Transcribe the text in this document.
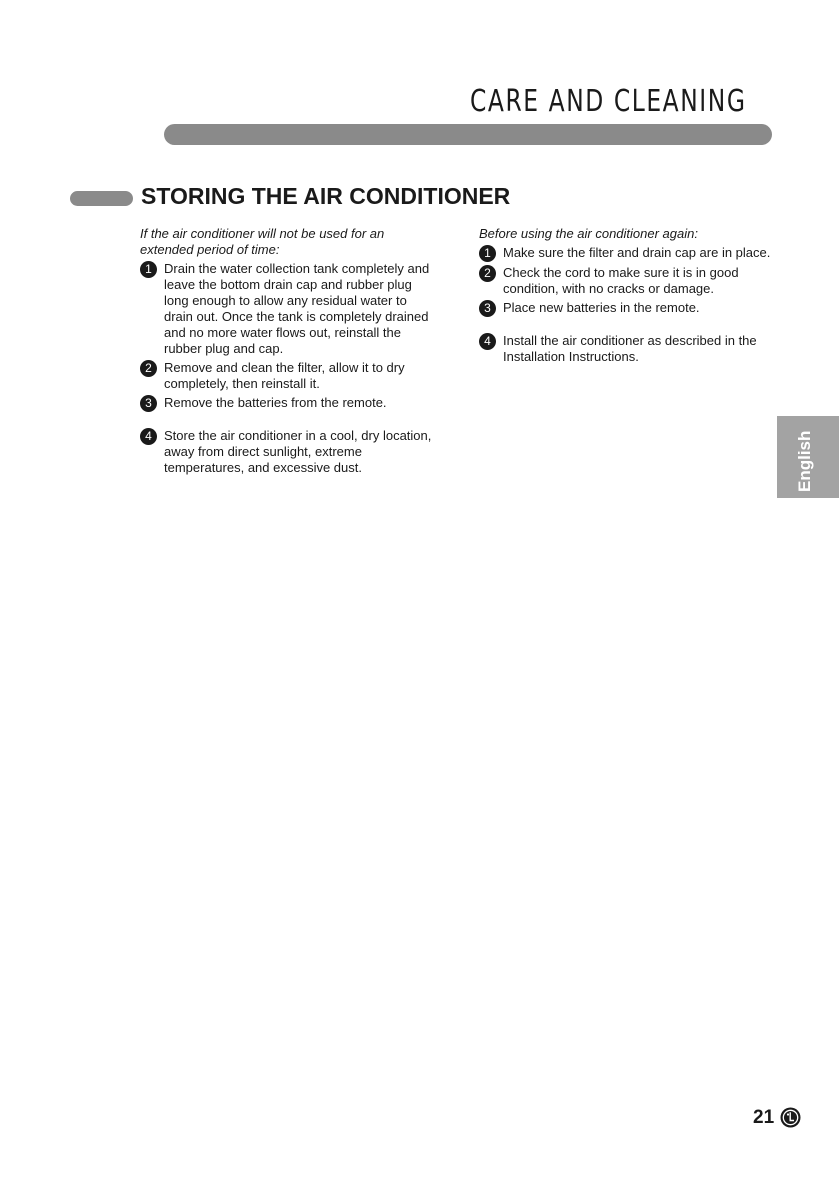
CARE AND CLEANING
STORING THE AIR CONDITIONER

If the air conditioner will not be used for an extended period of time:

1 Drain the water collection tank completely and leave the bottom drain cap and rubber plug long enough to allow any residual water to drain out. Once the tank is completely drained and no more water flows out, reinstall the rubber plug and cap.
2 Remove and clean the filter, allow it to dry completely, then reinstall it.
3 Remove the batteries from the remote.
4 Store the air conditioner in a cool, dry location, away from direct sunlight, extreme temperatures, and excessive dust.

Before using the air conditioner again:

1 Make sure the filter and drain cap are in place.
2 Check the cord to make sure it is in good condition, with no cracks or damage.
3 Place new batteries in the remote.
4 Install the air conditioner as described in the Installation Instructions.
English
21
